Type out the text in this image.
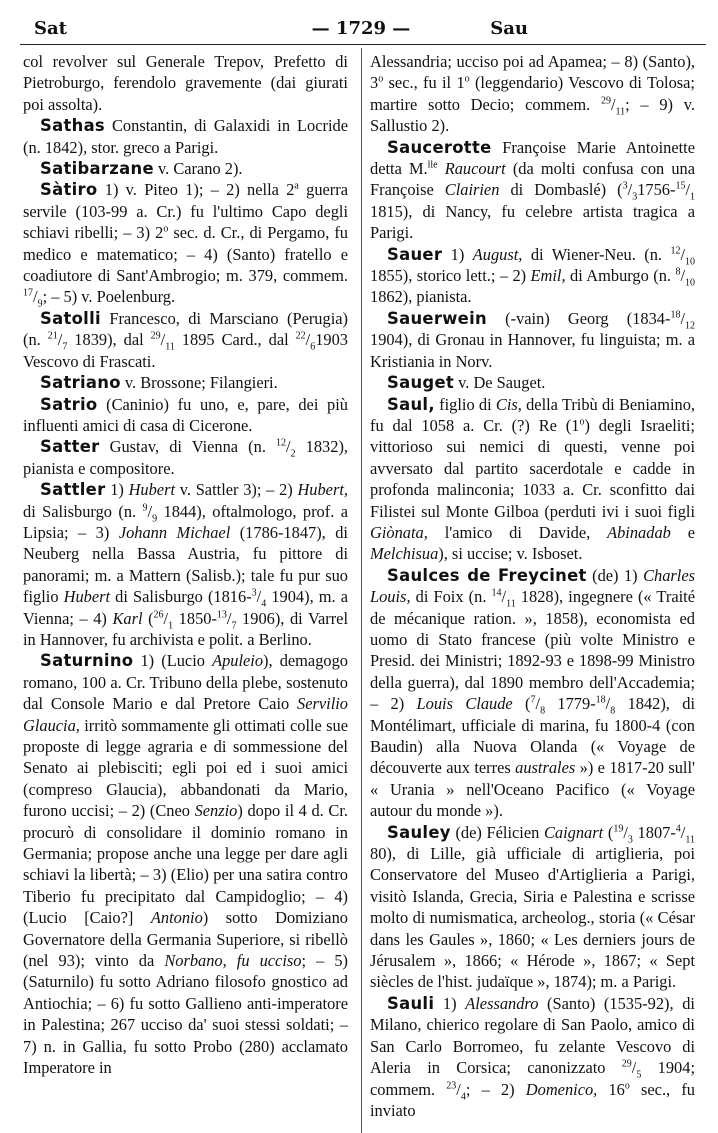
Sat	— 1729 —	Sau

col revolver sul Generale Trepov, Prefetto di Pietroburgo, ferendolo gravemente (dai giurati poi assolta).

Sathas Constantin, di Galaxidi in Locride (n. 1842), stor. greco a Parigi.

Satibarzane v. Carano 2).

Sàtiro 1) v. Piteo 1); – 2) nella 2$^a$ guerra servile (103-99 a. Cr.) fu l'ultimo Capo degli schiavi ribelli; – 3) 2$^o$ sec. d. Cr., di Pergamo, fu medico e matematico; – 4) (Santo) fratello e coadiutore di Sant'Ambrogio; m. 379, commem. $^{17}/_9$; – 5) v. Poelenburg.

Satolli Francesco, di Marsciano (Perugia) (n. $^{21}/_7$ 1839), dal $^{29}/_{11}$ 1895 Card., dal $^{22}/_61903$ Vescovo di Frascati.

Satriano v. Brossone; Filangieri.

Satrio (Caninio) fu uno, e, pare, dei più influenti amici di casa di Cicerone.

Satter Gustav, di Vienna (n. $^{12}/_2$ 1832), pianista e compositore.

Sattler 1) Hubert v. Sattler 3); – 2) Hubert, di Salisburgo (n. $^9/_9$ 1844), oftalmologo, prof. a Lipsia; – 3) Johann Michael (1786-1847), di Neuberg nella Bassa Austria, fu pittore di panorami; m. a Mattern (Salisb.); tale fu pur suo figlio Hubert di Salisburgo ($1816-^3/_4$ 1904), m. a Vienna; – 4) Karl ($^{26}/_1$ $1850-^{13}/_7$ 1906), di Varrel in Hannover, fu archivista e polit. a Berlino.

Saturnino 1) (Lucio Apuleio), demagogo romano, 100 a. Cr. Tribuno della plebe, sostenuto dal Console Mario e dal Pretore Caio Servilio Glaucia, irritò sommamente gli ottimati colle sue proposte di legge agraria e di sommessione del Senato ai plebisciti; egli poi ed i suoi amici (compreso Glaucia), abbandonati da Mario, furono uccisi; – 2) (Cneo Senzio) dopo il 4 d. Cr. procurò di consolidare il dominio romano in Germania; propose anche una legge per dare agli schiavi la libertà; – 3) (Elio) per una satira contro Tiberio fu precipitato dal Campidoglio; – 4) (Lucio [Caio?] Antonio) sotto Domiziano Governatore della Germania Superiore, si ribellò (nel 93); vinto da Norbano, fu ucciso; – 5) (Saturnilo) fu sotto Adriano filosofo gnostico ad Antiochia; – 6) fu sotto Gallieno anti-imperatore in Palestina; 267 ucciso da' suoi stessi soldati; – 7) n. in Gallia, fu sotto Probo (280) acclamato Imperatore in

Alessandria; ucciso poi ad Apamea; – 8) (Santo), 3$^o$ sec., fu il 1$^o$ (leggendario) Vescovo di Tolosa; martire sotto Decio; commem. $^{29}/_{11}$; – 9) v. Sallustio 2).

Saucerotte Françoise Marie Antoinette detta M.$^{lle}$ Raucourt (da molti confusa con una Françoise Clairien di Dombaslé) ($^3/_31756-^{15}/_1$ 1815), di Nancy, fu celebre artista tragica a Parigi.

Sauer 1) August, di Wiener-Neu. (n. $^{12}/_{10}$ 1855), storico lett.; – 2) Emil, di Amburgo (n. $^8/_{10}$ 1862), pianista.

Sauerwein (-vain) Georg ($1834-^{18}/_{12}$ 1904), di Gronau in Hannover, fu linguista; m. a Kristiania in Norv.

Sauget v. De Sauget.

Saul, figlio di Cis, della Tribù di Beniamino, fu dal 1058 a. Cr. (?) Re (1$^o$) degli Israeliti; vittorioso sui nemici di questi, venne poi avversato dal partito sacerdotale e cadde in profonda malinconia; 1033 a. Cr. sconfitto dai Filistei sul Monte Gilboa (perduti ivi i suoi figli Giònata, l'amico di Davide, Abinadab e Melchisua), si uccise; v. Isboset.

Saulces de Freycinet (de) 1) Charles Louis, di Foix (n. $^{14}/_{11}$ 1828), ingegnere (« Traité de mécanique ration. », 1858), economista ed uomo di Stato francese (più volte Ministro e Presid. dei Ministri; 1892-93 e 1898-99 Ministro della guerra), dal 1890 membro dell'Accademia; – 2) Louis Claude ($^7/_8$ $1779-^{18}/_8$ 1842), di Montélimart, ufficiale di marina, fu 1800-4 (con Baudin) alla Nuova Olanda (« Voyage de découverte aux terres australes ») e 1817-20 sull' « Urania » nell'Oceano Pacifico (« Voyage autour du monde »).

Sauley (de) Félicien Caignart ($^{19}/_3$ $1807-^4/_{11}$ 80), di Lille, già ufficiale di artiglieria, poi Conservatore del Museo d'Artiglieria a Parigi, visitò Islanda, Grecia, Siria e Palestina e scrisse molto di numismatica, archeolog., storia (« César dans les Gaules », 1860; « Les derniers jours de Jérusalem », 1866; « Hérode », 1867; « Sept siècles de l'hist. judaïque », 1874); m. a Parigi.

Sauli 1) Alessandro (Santo) (1535-92), di Milano, chierico regolare di San Paolo, amico di San Carlo Borromeo, fu zelante Vescovo di Aleria in Corsica; canonizzato $^{29}/_5$ 1904; commem. $^{23}/_4$; – 2) Domenico, 16$^o$ sec., fu inviato
